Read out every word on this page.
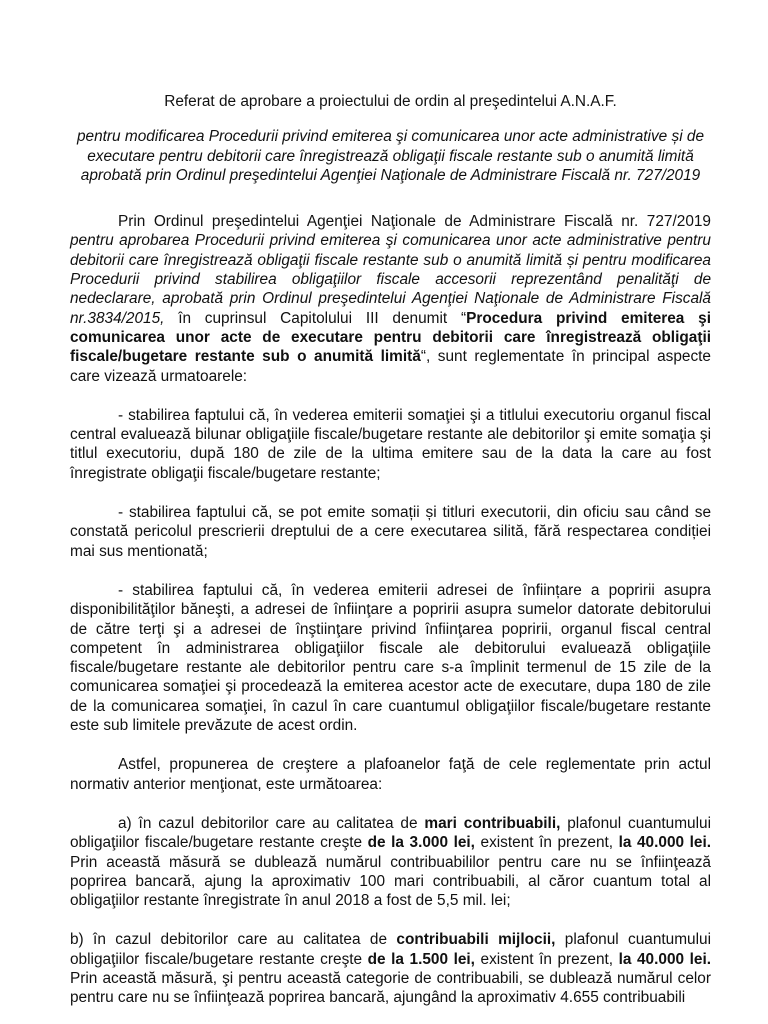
Referat de aprobare a proiectului de ordin al preşedintelui A.N.A.F.

pentru modificarea Procedurii privind emiterea şi comunicarea unor acte administrative și de executare pentru debitorii care înregistrează obligaţii fiscale restante sub o anumită limită aprobată prin Ordinul preşedintelui Agenţiei Naţionale de Administrare Fiscală nr. 727/2019

Prin Ordinul preşedintelui Agenţiei Naţionale de Administrare Fiscală nr. 727/2019 pentru aprobarea Procedurii privind emiterea şi comunicarea unor acte administrative pentru debitorii care înregistrează obligaţii fiscale restante sub o anumită limită și pentru modificarea Procedurii privind stabilirea obligaţiilor fiscale accesorii reprezentând penalităţi de nedeclarare, aprobată prin Ordinul preşedintelui Agenţiei Naţionale de Administrare Fiscală nr.3834/2015, în cuprinsul Capitolului III denumit “Procedura privind emiterea şi comunicarea unor acte de executare pentru debitorii care înregistrează obligaţii fiscale/bugetare restante sub o anumită limită“, sunt reglementate în principal aspecte care vizează urmatoarele:

- stabilirea faptului că, în vederea emiterii somaţiei şi a titlului executoriu organul fiscal central evaluează bilunar obligaţiile fiscale/bugetare restante ale debitorilor şi emite somaţia şi titlul executoriu, după 180 de zile de la ultima emitere sau de la data la care au fost înregistrate obligaţii fiscale/bugetare restante;

- stabilirea faptului că, se pot emite somații și titluri executorii, din oficiu sau când se constată pericolul prescrierii dreptului de a cere executarea silită, fără respectarea condiției mai sus mentionată;

- stabilirea faptului că, în vederea emiterii adresei de înființare a popririi asupra disponibilităţilor băneşti, a adresei de înfiinţare a popririi asupra sumelor datorate debitorului de către terţi şi a adresei de înştiinţare privind înfiinţarea popririi, organul fiscal central competent în administrarea obligaţiilor fiscale ale debitorului evaluează obligaţiile fiscale/bugetare restante ale debitorilor pentru care s-a împlinit termenul de 15 zile de la comunicarea somaţiei şi procedează la emiterea acestor acte de executare, dupa 180 de zile de la comunicarea somaţiei, în cazul în care cuantumul obligaţiilor fiscale/bugetare restante este sub limitele prevăzute de acest ordin.

Astfel, propunerea de creştere a plafoanelor faţă de cele reglementate prin actul normativ anterior menţionat, este următoarea:

a) în cazul debitorilor care au calitatea de mari contribuabili, plafonul cuantumului obligaţiilor fiscale/bugetare restante creşte de la 3.000 lei, existent în prezent, la 40.000 lei. Prin această măsură se dublează numărul contribuabililor pentru care nu se înfiinţează poprirea bancară, ajung la aproximativ 100 mari contribuabili, al căror cuantum total al obligaţiilor restante înregistrate în anul 2018 a fost de 5,5 mil. lei;

b) în cazul debitorilor care au calitatea de contribuabili mijlocii, plafonul cuantumului obligaţiilor fiscale/bugetare restante creşte de la 1.500 lei, existent în prezent, la 40.000 lei. Prin această măsură, şi pentru această categorie de contribuabili, se dublează numărul celor pentru care nu se înfiinţează poprirea bancară, ajungând la aproximativ 4.655 contribuabili
